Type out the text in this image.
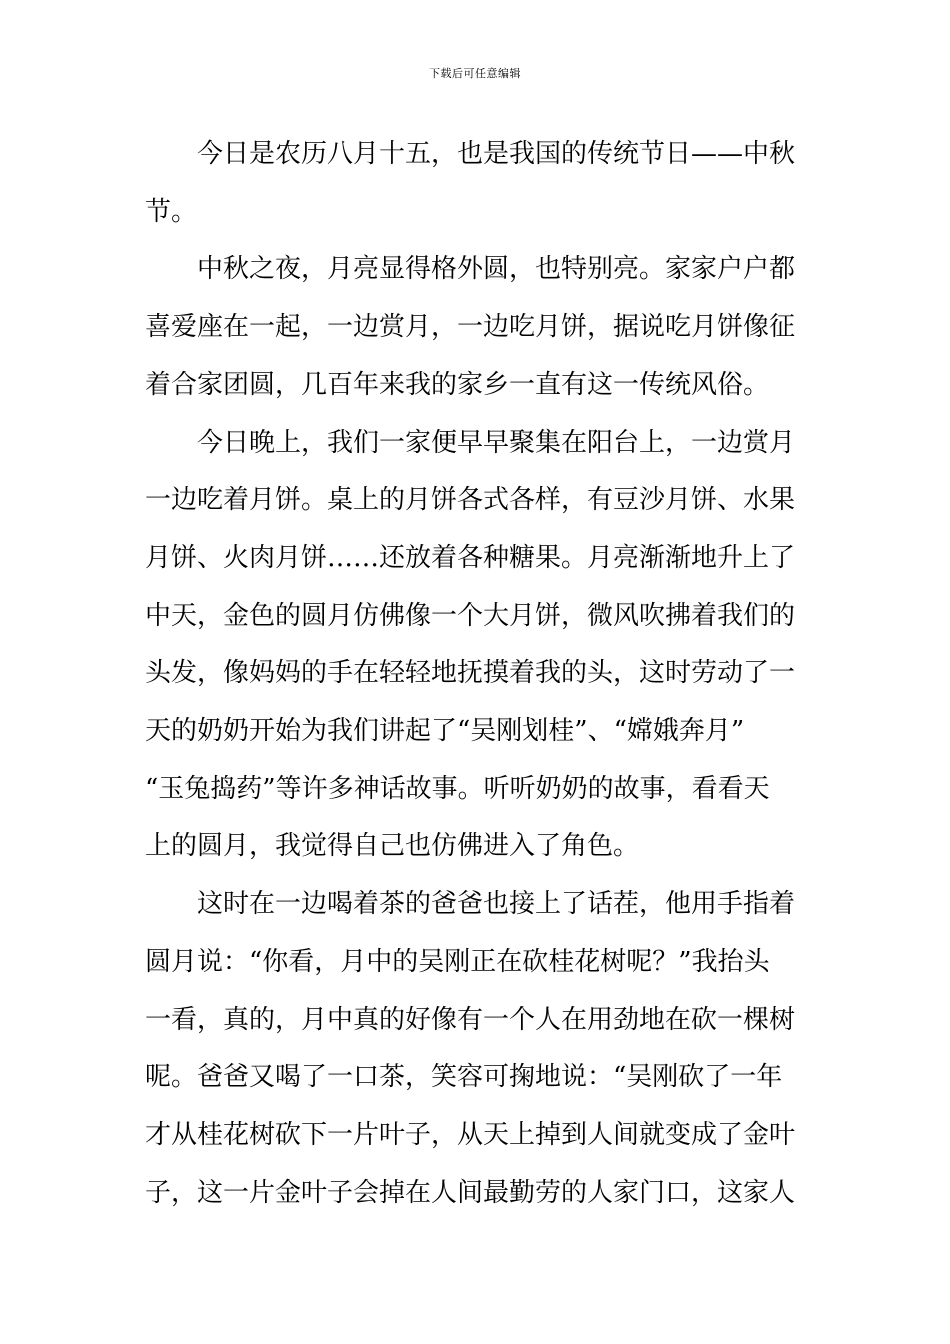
下载后可任意编辑

今日是农历八月十五，也是我国的传统节日——中秋

节。

中秋之夜，月亮显得格外圆，也特别亮。家家户户都

喜爱座在一起，一边赏月，一边吃月饼，据说吃月饼像征

着合家团圆，几百年来我的家乡一直有这一传统风俗。

今日晚上，我们一家便早早聚集在阳台上，一边赏月

一边吃着月饼。桌上的月饼各式各样，有豆沙月饼、水果

月饼、火肉月饼……还放着各种糖果。月亮渐渐地升上了

中天，金色的圆月仿佛像一个大月饼，微风吹拂着我们的

头发，像妈妈的手在轻轻地抚摸着我的头，这时劳动了一

天的奶奶开始为我们讲起了“吴刚划桂”、“嫦娥奔月”

“玉兔捣药”等许多神话故事。听听奶奶的故事，看看天

上的圆月，我觉得自己也仿佛进入了角色。

这时在一边喝着茶的爸爸也接上了话茬，他用手指着

圆月说：“你看，月中的吴刚正在砍桂花树呢？”我抬头

一看，真的，月中真的好像有一个人在用劲地在砍一棵树

呢。爸爸又喝了一口茶，笑容可掬地说：“吴刚砍了一年

才从桂花树砍下一片叶子，从天上掉到人间就变成了金叶

子，这一片金叶子会掉在人间最勤劳的人家门口，这家人
